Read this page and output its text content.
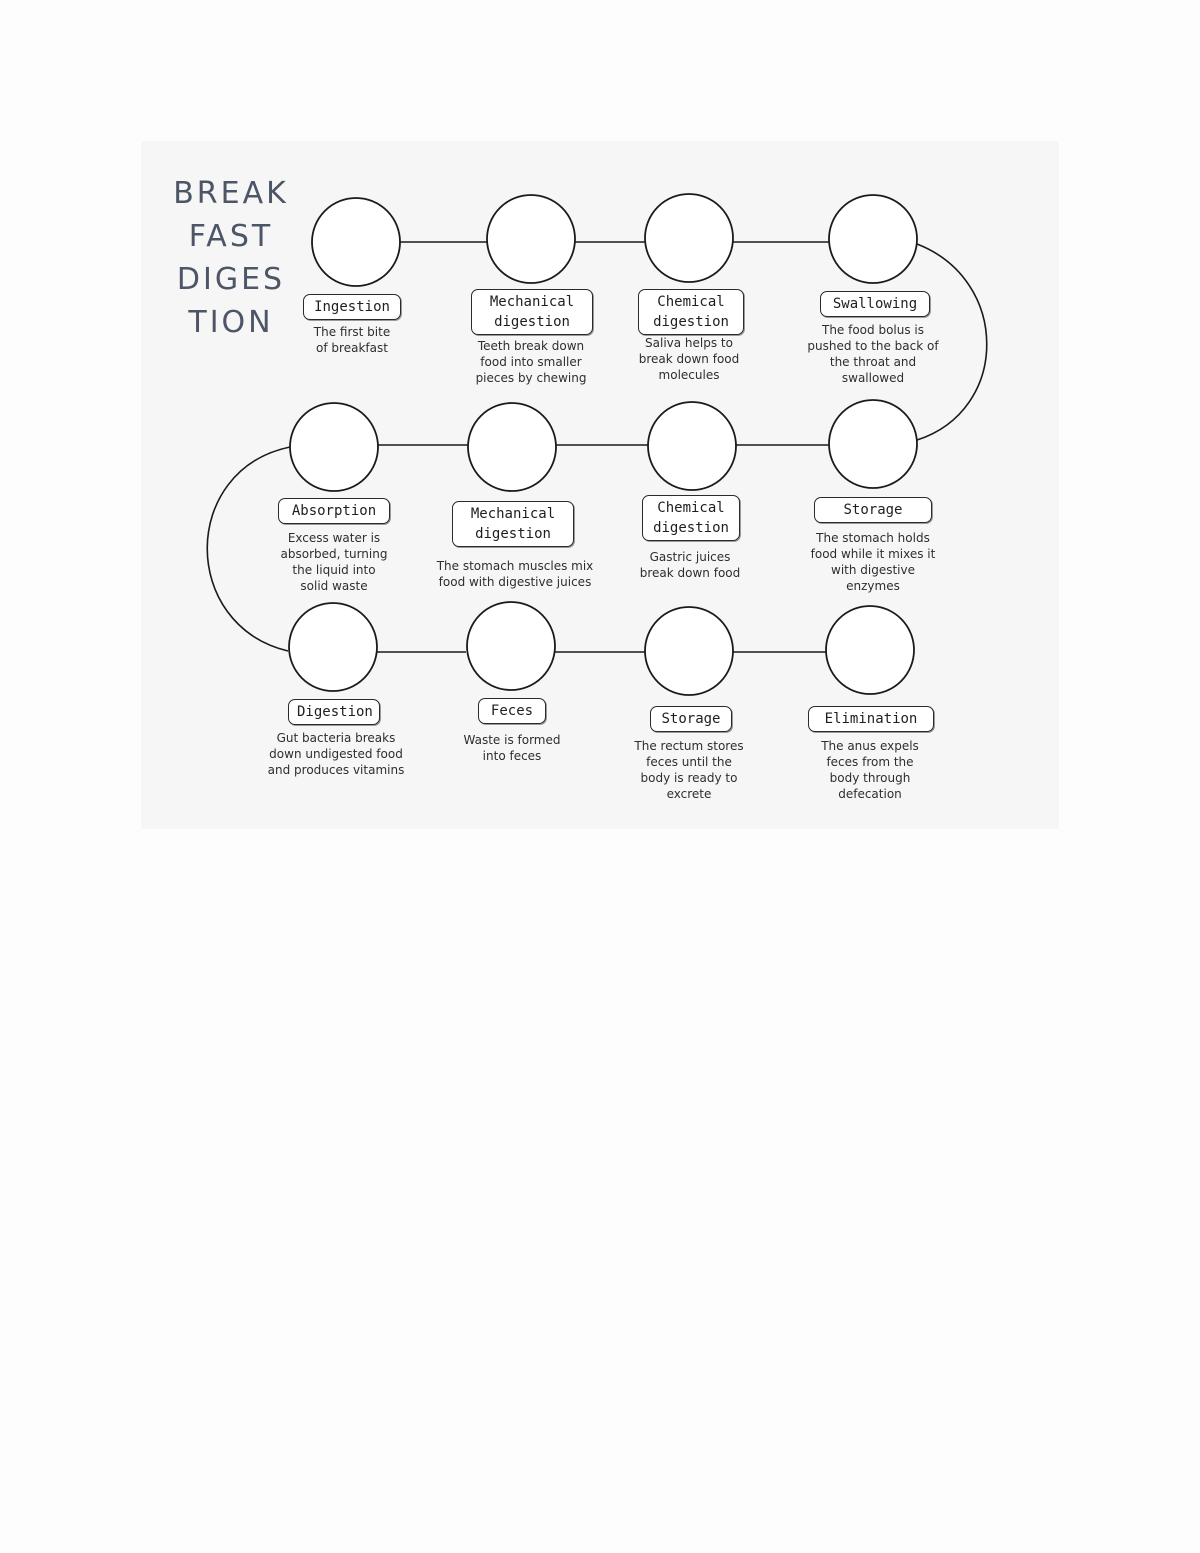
BREAK
FAST
DIGES
TION	Ingestion
The first bite
of breakfast
Mechanical
digestion
Teeth break down
food into smaller
pieces by chewing
Chemical
digestion
Saliva helps to
break down food
molecules
Swallowing
The food bolus is
pushed to the back of
the throat and
swallowed
Absorption
Excess water is
absorbed, turning
the liquid into
solid waste
Mechanical
digestion
The stomach muscles mix
food with digestive juices
Chemical
digestion
Gastric juices
break down food
Storage
The stomach holds
food while it mixes it
with digestive
enzymes
Digestion
Gut bacteria breaks
down undigested food
and produces vitamins
Feces
Waste is formed
into feces
Storage
The rectum stores
feces until the
body is ready to
excrete
Elimination
The anus expels
feces from the
body through
defecation
